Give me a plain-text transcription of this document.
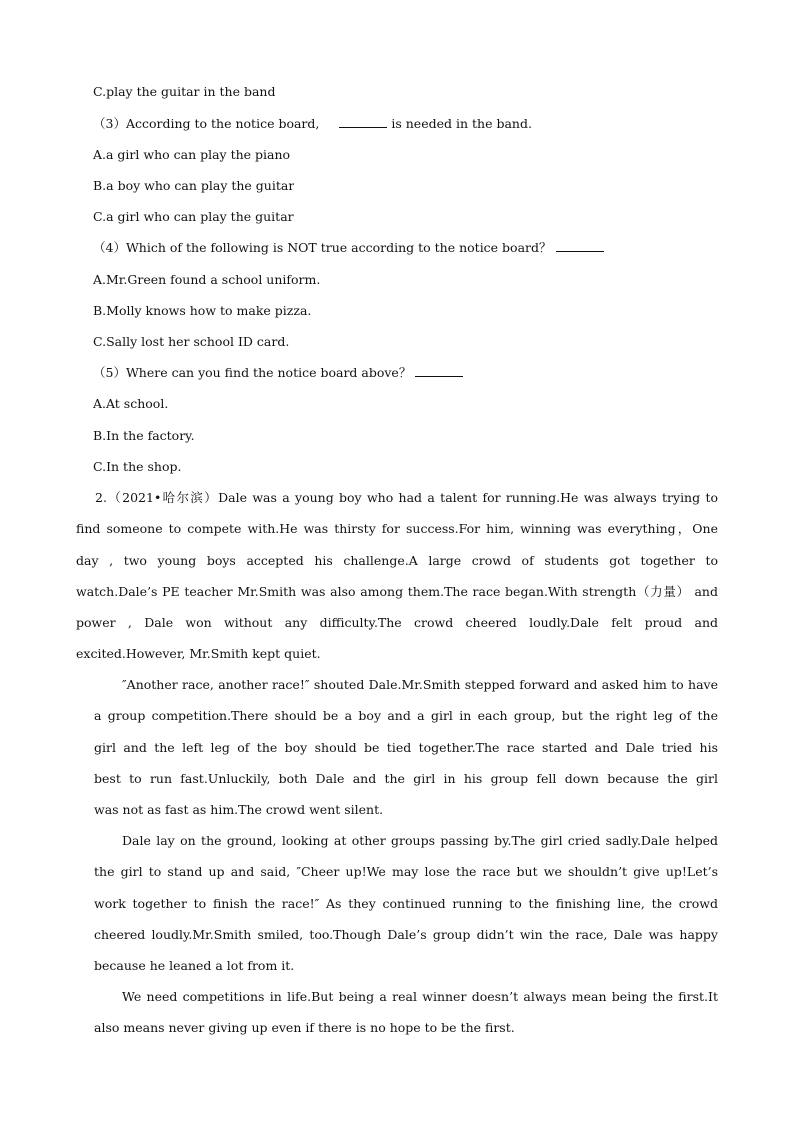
C.play the guitar in the band
（3）According to the notice board,	is needed in the band.
A.a girl who can play the piano
B.a boy who can play the guitar
C.a girl who can play the guitar
（4）Which of the following is NOT true according to the notice board？
A.Mr.Green found a school uniform.
B.Molly knows how to make pizza.
C.Sally lost her school ID card.
（5）Where can you find the notice board above？
A.At school.
B.In the factory.
C.In the shop.
2.（2021•哈尔滨）Dale was a young boy who had a talent for running.He was always trying to
find someone to compete with.He was thirsty for success.For him, winning was everything，One
day , two young boys accepted his challenge.A large crowd of students got together to
watch.Dale’s PE teacher Mr.Smith was also among them.The race began.With strength（力量） and
power , Dale won without any difficulty.The crowd cheered loudly.Dale felt proud and
excited.However, Mr.Smith kept quiet.
″Another race, another race!″ shouted Dale.Mr.Smith stepped forward and asked him to have
a group competition.There should be a boy and a girl in each group, but the right leg of the
girl and the left leg of the boy should be tied together.The race started and Dale tried his
best to run fast.Unluckily, both Dale and the girl in his group fell down because the girl
was not as fast as him.The crowd went silent.
Dale lay on the ground, looking at other groups passing by.The girl cried sadly.Dale helped
the girl to stand up and said, ″Cheer up!We may lose the race but we shouldn’t give up!Let’s
work together to finish the race!″ As they continued running to the finishing line, the crowd
cheered loudly.Mr.Smith smiled, too.Though Dale’s group didn’t win the race, Dale was happy
because he leaned a lot from it.
We need competitions in life.But being a real winner doesn’t always mean being the first.It
also means never giving up even if there is no hope to be the first.
